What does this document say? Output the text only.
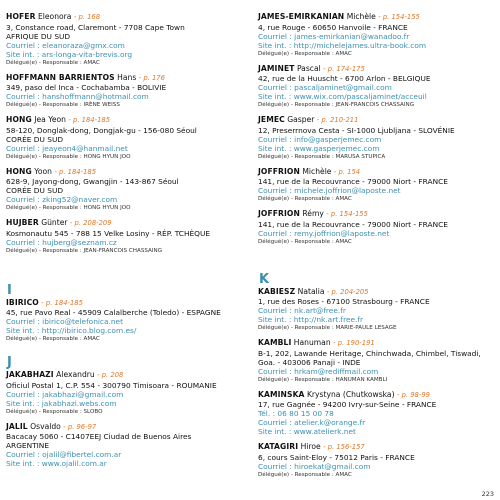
HOFER Eleonora - p. 168
3, Constance road, Claremont - 7708 Cape Town
AFRIQUE DU SUD
Courriel : eleanoraza@gmx.com
Site int. : ars-longa-vita-brevis.org
Délégué(e) - Responsable : AMAC
HOFFMANN BARRIENTOS Hans - p. 176
349, paso del Inca - Cochabamba - BOLIVIE
Courriel : hanshoffmann@hotmail.com
Délégué(e) - Responsable : IRÈNE WEISS
HONG Jea Yeon - p. 184-185
58-120, Donglak-dong, Dongjak-gu - 156-080 Séoul
CORÉE DU SUD
Courriel : jeayeon4@hanmail.net
Délégué(e) - Responsable : HONG HYUN JOO
HONG Yoon - p. 184-185
628-9, Jayong-dong, Gwangjin - 143-867 Séoul
CORÉE DU SUD
Courriel : zking52@naver.com
Délégué(e) - Responsable : HONG HYUN JOO
HUJBER Günter - p. 208-209
Kosmonautu 545 - 788 15 Velke Losiny - RÉP. TCHÈQUE
Courriel : hujberg@seznam.cz
Délégué(e) - Responsable : JEAN-FRANCOIS CHASSAING
I
IBIRICO - p. 184-185
45, rue Pavo Real - 45909 Calalberche (Toledo) - ESPAGNE
Courriel : ibirico@telefonica.net
Site int. : http://ibirico.blog.com.es/
Délégué(e) - Responsable : AMAC
J
JAKABHAZI Alexandru - p. 208
Oficiul Postal 1, C.P. 554 - 300790 Timisoara - ROUMANIE
Courriel : jakabhazi@gmail.com
Site int. : jakabhazi.webs.com
Délégué(e) - Responsable : SLOBO
JALIL Osvaldo - p. 96-97
Bacacay 5060 - C1407EEJ Ciudad de Buenos Aires
ARGENTINE
Courriel : ojalil@fibertel.com.ar
Site int. : www.ojalil.com.ar
JAMES-EMIRKANIAN Michèle - p. 154-155
4, rue Rouge - 60650 Hanvoile - FRANCE
Courriel : james-emirkanian@wanadoo.fr
Site int. : http://michelejames.ultra-book.com
Délégué(e) - Responsable : AMAC
JAMINET Pascal - p. 174-175
42, rue de la Huuscht - 6700 Arlon - BELGIQUE
Courriel : pascaljaminet@gmail.com
Site int. : www.wix.com/pascaljaminet/acceuil
Délégué(e) - Responsable : JEAN-FRANCOIS CHASSAING
JEMEC Gasper - p. 210-211
12, Preserrnova Cesta - SI-1000 Ljubljana - SLOVÉNIE
Courriel : info@gasperjemec.com
Site int. : www.gasperjemec.com
Délégué(e) - Responsable : MARUSA STUPICA
JOFFRION Michèle - p. 154
141, rue de la Recouvrance - 79000 Niort - FRANCE
Courriel : michele.joffrion@laposte.net
Délégué(e) - Responsable : AMAC
JOFFRION Rémy - p. 154-155
141, rue de la Recouvrance - 79000 Niort - FRANCE
Courriel : remy.joffrion@laposte.net
Délégué(e) - Responsable : AMAC
K
KABIESZ Natalia - p. 204-205
1, rue des Roses - 67100 Strasbourg - FRANCE
Courriel : nk.art@free.fr
Site int. : http://nk.art.free.fr
Délégué(e) - Responsable : MARIE-PAULE LESAGE
KAMBLI Hanuman - p. 190-191
B-1, 202, Lawande Heritage, Chinchwada, Chimbel, Tiswadi,
Goa. - 403006 Panaji - INDE
Courriel : hrkam@rediffmail.com
Délégué(e) - Responsable : HANUMAN KAMBLI
KAMINSKA Krystyna (Chutkowska) - p. 98-99
17, rue Gagnée - 94200 Ivry-sur-Seine - FRANCE
Tél. : 06 80 15 00 78
Courriel : atelier.k@orange.fr
Site int. : www.atelierk.net
KATAGIRI Hiroe - p. 156-157
6, cours Saint-Eloy - 75012 Paris - FRANCE
Courriel : hiroekat@gmail.com
Délégué(e) - Responsable : AMAC
223
